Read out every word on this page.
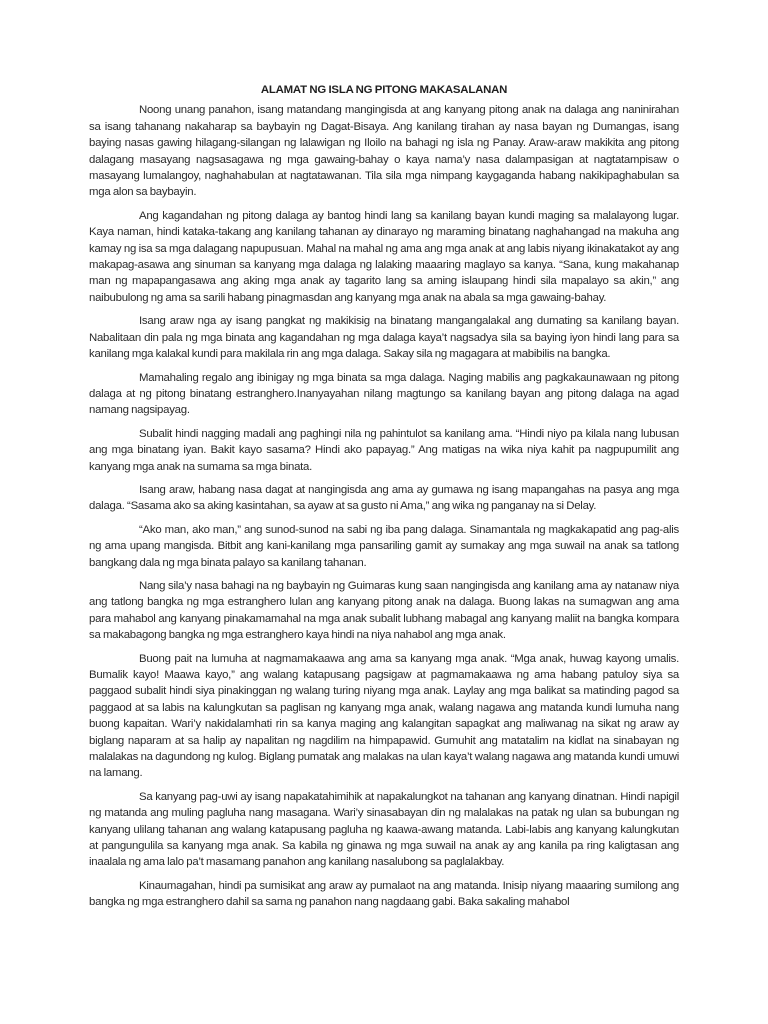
ALAMAT NG ISLA NG PITONG MAKASALANAN

Noong unang panahon, isang matandang mangingisda at ang kanyang pitong anak na dalaga ang naninirahan sa isang tahanang nakaharap sa baybayin ng Dagat-Bisaya. Ang kanilang tirahan ay nasa bayan ng Dumangas, isang baying nasas gawing hilagang-silangan ng lalawigan ng Iloilo na bahagi ng isla ng Panay. Araw-araw makikita ang pitong dalagang masayang nagsasagawa ng mga gawaing-bahay o kaya nama’y nasa dalampasigan at nagtatampisaw o masayang lumalangoy, naghahabulan at nagtatawanan. Tila sila mga nimpang kaygaganda habang nakikipaghabulan sa mga alon sa baybayin.

Ang kagandahan ng pitong dalaga ay bantog hindi lang sa kanilang bayan kundi maging sa malalayong lugar. Kaya naman, hindi kataka-takang ang kanilang tahanan ay dinarayo ng maraming binatang naghahangad na makuha ang kamay ng isa sa mga dalagang napupusuan. Mahal na mahal ng ama ang mga anak at ang labis niyang ikinakatakot ay ang makapag-asawa ang sinuman sa kanyang mga dalaga ng lalaking maaaring maglayo sa kanya. “Sana, kung makahanap man ng mapapangasawa ang aking mga anak ay tagarito lang sa aming islaupang hindi sila mapalayo sa akin,” ang naibubulong ng ama sa sarili habang pinagmasdan ang kanyang mga anak na abala sa mga gawaing-bahay.

Isang araw nga ay isang pangkat ng makikisig na binatang mangangalakal ang dumating sa kanilang bayan. Nabalitaan din pala ng mga binata ang kagandahan ng mga dalaga kaya’t nagsadya sila sa baying iyon hindi lang para sa kanilang mga kalakal kundi para makilala rin ang mga dalaga. Sakay sila ng magagara at mabibilis na bangka.

Mamahaling regalo ang ibinigay ng mga binata sa mga dalaga. Naging mabilis ang pagkakaunawaan ng pitong dalaga at ng pitong binatang estranghero.Inanyayahan nilang magtungo sa kanilang bayan ang pitong dalaga na agad namang nagsipayag.

Subalit hindi nagging madali ang paghingi nila ng pahintulot sa kanilang ama. “Hindi niyo pa kilala nang lubusan ang mga binatang iyan. Bakit kayo sasama? Hindi ako papayag.” Ang matigas na wika niya kahit pa nagpupumilit ang kanyang mga anak na sumama sa mga binata.

Isang araw, habang nasa dagat at nangingisda ang ama ay gumawa ng isang mapangahas na pasya ang mga dalaga. “Sasama ako sa aking kasintahan, sa ayaw at sa gusto ni Ama,” ang wika ng panganay na si Delay.

“Ako man, ako man,” ang sunod-sunod na sabi ng iba pang dalaga. Sinamantala ng magkakapatid ang pag-alis ng ama upang mangisda. Bitbit ang kani-kanilang mga pansariling gamit ay sumakay ang mga suwail na anak sa tatlong bangkang dala ng mga binata palayo sa kanilang tahanan.

Nang sila’y nasa bahagi na ng baybayin ng Guimaras kung saan nangingisda ang kanilang ama ay natanaw niya ang tatlong bangka ng mga estranghero lulan ang kanyang pitong anak na dalaga. Buong lakas na sumagwan ang ama para mahabol ang kanyang pinakamamahal na mga anak subalit lubhang mabagal ang kanyang maliit na bangka kompara sa makabagong bangka ng mga estranghero kaya hindi na niya nahabol ang mga anak.

Buong pait na lumuha at nagmamakaawa ang ama sa kanyang mga anak. “Mga anak, huwag kayong umalis. Bumalik kayo! Maawa kayo,” ang walang katapusang pagsigaw at pagmamakaawa ng ama habang patuloy siya sa paggaod subalit hindi siya pinakinggan ng walang turing niyang mga anak. Laylay ang mga balikat sa matinding pagod sa paggaod at sa labis na kalungkutan sa paglisan ng kanyang mga anak, walang nagawa ang matanda kundi lumuha nang buong kapaitan. Wari’y nakidalamhati rin sa kanya maging ang kalangitan sapagkat ang maliwanag na sikat ng araw ay biglang naparam at sa halip ay napalitan ng nagdilim na himpapawid. Gumuhit ang matatalim na kidlat na sinabayan ng malalakas na dagundong ng kulog. Biglang pumatak ang malakas na ulan kaya’t walang nagawa ang matanda kundi umuwi na lamang.

Sa kanyang pag-uwi ay isang napakatahimihik at napakalungkot na tahanan ang kanyang dinatnan. Hindi napigil ng matanda ang muling pagluha nang masagana. Wari’y sinasabayan din ng malalakas na patak ng ulan sa bubungan ng kanyang ulilang tahanan ang walang katapusang pagluha ng kaawa-awang matanda. Labi-labis ang kanyang kalungkutan at pangungulila sa kanyang mga anak. Sa kabila ng ginawa ng mga suwail na anak ay ang kanila pa ring kaligtasan ang inaalala ng ama lalo pa’t masamang panahon ang kanilang nasalubong sa paglalakbay.

Kinaumagahan, hindi pa sumisikat ang araw ay pumalaot na ang matanda. Inisip niyang maaaring sumilong ang bangka ng mga estranghero dahil sa sama ng panahon nang nagdaang gabi. Baka sakaling mahabol
